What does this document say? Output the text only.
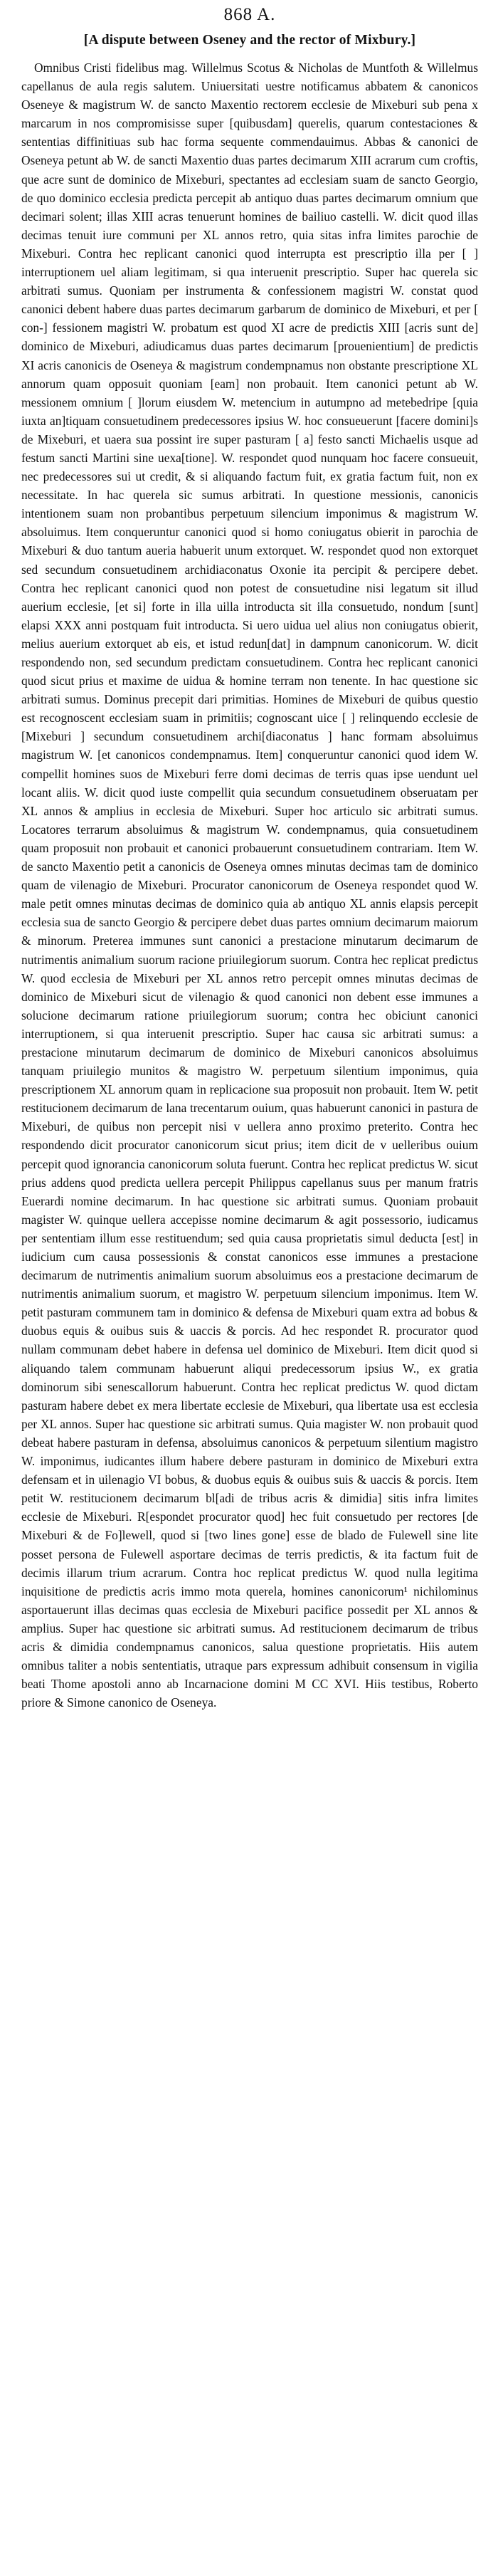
868 A.
[A dispute between Oseney and the rector of Mixbury.]

Omnibus Cristi fidelibus mag. Willelmus Scotus & Nicholas de Muntfoth & Willelmus capellanus de aula regis salutem. Uniuersitati uestre notificamus abbatem & canonicos Oseneye & magistrum W. de sancto Maxentio rectorem ecclesie de Mixeburi sub pena x marcarum in nos compromisisse super [quibusdam] querelis, quarum contestaciones & sententias diffinitiuas sub hac forma sequente commendauimus. Abbas & canonici de Oseneya petunt ab W. de sancti Maxentio duas partes decimarum XIII acrarum cum croftis, que acre sunt de dominico de Mixeburi, spectantes ad ecclesiam suam de sancto Georgio, de quo dominico ecclesia predicta percepit ab antiquo duas partes decimarum omnium que decimari solent; illas XIII acras tenuerunt homines de bailiuo castelli. W. dicit quod illas decimas tenuit iure communi per XL annos retro, quia sitas infra limites parochie de Mixeburi. Contra hec replicant canonici quod interrupta est prescriptio illa per [ ] interruptionem uel aliam legitimam, si qua interuenit prescriptio. Super hac querela sic arbitrati sumus. Quoniam per instrumenta & confessionem magistri W. constat quod canonici debent habere duas partes decimarum garbarum de dominico de Mixeburi, et per [ con-] fessionem magistri W. probatum est quod XI acre de predictis XIII [acris sunt de] dominico de Mixeburi, adiudicamus duas partes decimarum [prouenientium] de predictis XI acris canonicis de Oseneya & magistrum condempnamus non obstante prescriptione XL annorum quam opposuit quoniam [eam] non probauit. Item canonici petunt ab W. messionem omnium [ ]lorum eiusdem W. metencium in autumpno ad metebedripe [quia iuxta an]tiquam consuetudinem predecessores ipsius W. hoc consueuerunt [facere domini]s de Mixeburi, et uaera sua possint ire super pasturam [ a] festo sancti Michaelis usque ad festum sancti Martini sine uexa[tione]. W. respondet quod nunquam hoc facere consueuit, nec predecessores sui ut credit, & si aliquando factum fuit, ex gratia factum fuit, non ex necessitate. In hac querela sic sumus arbitrati. In questione messionis, canonicis intentionem suam non probantibus perpetuum silencium imponimus & magistrum W. absoluimus. Item conqueruntur canonici quod si homo coniugatus obierit in parochia de Mixeburi & duo tantum aueria habuerit unum extorquet. W. respondet quod non extorquet sed secundum consuetudinem archidiaconatus Oxonie ita percipit & percipere debet. Contra hec replicant canonici quod non potest de consuetudine nisi legatum sit illud auerium ecclesie, [et si] forte in illa uilla introducta sit illa consuetudo, nondum [sunt] elapsi XXX anni postquam fuit introducta. Si uero uidua uel alius non coniugatus obierit, melius auerium extorquet ab eis, et istud redun[dat] in dampnum canonicorum. W. dicit respondendo non, sed secundum predictam consuetudinem. Contra hec replicant canonici quod sicut prius et maxime de uidua & homine terram non tenente. In hac questione sic arbitrati sumus. Dominus precepit dari primitias. Homines de Mixeburi de quibus questio est recognoscent ecclesiam suam in primitiis; cognoscant uice [ ] relinquendo ecclesie de [Mixeburi ] secundum consuetudinem archi[diaconatus ] hanc formam absoluimus magistrum W. [et canonicos condempnamus. Item] conqueruntur canonici quod idem W. compellit homines suos de Mixeburi ferre domi decimas de terris quas ipse uendunt uel locant aliis. W. dicit quod iuste compellit quia secundum consuetudinem obseruatam per XL annos & amplius in ecclesia de Mixeburi. Super hoc articulo sic arbitrati sumus. Locatores terrarum absoluimus & magistrum W. condempnamus, quia consuetudinem quam proposuit non probauit et canonici probauerunt consuetudinem contrariam. Item W. de sancto Maxentio petit a canonicis de Oseneya omnes minutas decimas tam de dominico quam de vilenagio de Mixeburi. Procurator canonicorum de Oseneya respondet quod W. male petit omnes minutas decimas de dominico quia ab antiquo XL annis elapsis percepit ecclesia sua de sancto Georgio & percipere debet duas partes omnium decimarum maiorum & minorum. Preterea immunes sunt canonici a prestacione minutarum decimarum de nutrimentis animalium suorum racione priuilegiorum suorum. Contra hec replicat predictus W. quod ecclesia de Mixeburi per XL annos retro percepit omnes minutas decimas de dominico de Mixeburi sicut de vilenagio & quod canonici non debent esse immunes a solucione decimarum ratione priuilegiorum suorum; contra hec obiciunt canonici interruptionem, si qua interuenit prescriptio. Super hac causa sic arbitrati sumus: a prestacione minutarum decimarum de dominico de Mixeburi canonicos absoluimus tanquam priuilegio munitos & magistro W. perpetuum silentium imponimus, quia prescriptionem XL annorum quam in replicacione sua proposuit non probauit. Item W. petit restitucionem decimarum de lana trecentarum ouium, quas habuerunt canonici in pastura de Mixeburi, de quibus non percepit nisi v uellera anno proximo preterito. Contra hec respondendo dicit procurator canonicorum sicut prius; item dicit de v uelleribus ouium percepit quod ignorancia canonicorum soluta fuerunt. Contra hec replicat predictus W. sicut prius addens quod predicta uellera percepit Philippus capellanus suus per manum fratris Euerardi nomine decimarum. In hac questione sic arbitrati sumus. Quoniam probauit magister W. quinque uellera accepisse nomine decimarum & agit possessorio, iudicamus per sententiam illum esse restituendum; sed quia causa proprietatis simul deducta [est] in iudicium cum causa possessionis & constat canonicos esse immunes a prestacione decimarum de nutrimentis animalium suorum absoluimus eos a prestacione decimarum de nutrimentis animalium suorum, et magistro W. perpetuum silencium imponimus. Item W. petit pasturam communem tam in dominico & defensa de Mixeburi quam extra ad bobus & duobus equis & ouibus suis & uaccis & porcis. Ad hec respondet R. procurator quod nullam communam debet habere in defensa uel dominico de Mixeburi. Item dicit quod si aliquando talem communam habuerunt aliqui predecessorum ipsius W., ex gratia dominorum sibi senescallorum habuerunt. Contra hec replicat predictus W. quod dictam pasturam habere debet ex mera libertate ecclesie de Mixeburi, qua libertate usa est ecclesia per XL annos. Super hac questione sic arbitrati sumus. Quia magister W. non probauit quod debeat habere pasturam in defensa, absoluimus canonicos & perpetuum silentium magistro W. imponimus, iudicantes illum habere debere pasturam in dominico de Mixeburi extra defensam et in uilenagio VI bobus, & duobus equis & ouibus suis & uaccis & porcis. Item petit W. restitucionem decimarum bl[adi de tribus acris & dimidia] sitis infra limites ecclesie de Mixeburi. R[espondet procurator quod] hec fuit consuetudo per rectores [de Mixeburi & de Fo]lewell, quod si [two lines gone] esse de blado de Fulewell sine lite posset persona de Fulewell asportare decimas de terris predictis, & ita factum fuit de decimis illarum trium acrarum. Contra hoc replicat predictus W. quod nulla legitima inquisitione de predictis acris immo mota querela, homines canonicorum¹ nichilominus asportauerunt illas decimas quas ecclesia de Mixeburi pacifice possedit per XL annos & amplius. Super hac questione sic arbitrati sumus. Ad restitucionem decimarum de tribus acris & dimidia condempnamus canonicos, salua questione proprietatis. Hiis autem omnibus taliter a nobis sententiatis, utraque pars expressum adhibuit consensum in vigilia beati Thome apostoli anno ab Incarnacione domini M CC XVI. Hiis testibus, Roberto priore & Simone canonico de Oseneya.
